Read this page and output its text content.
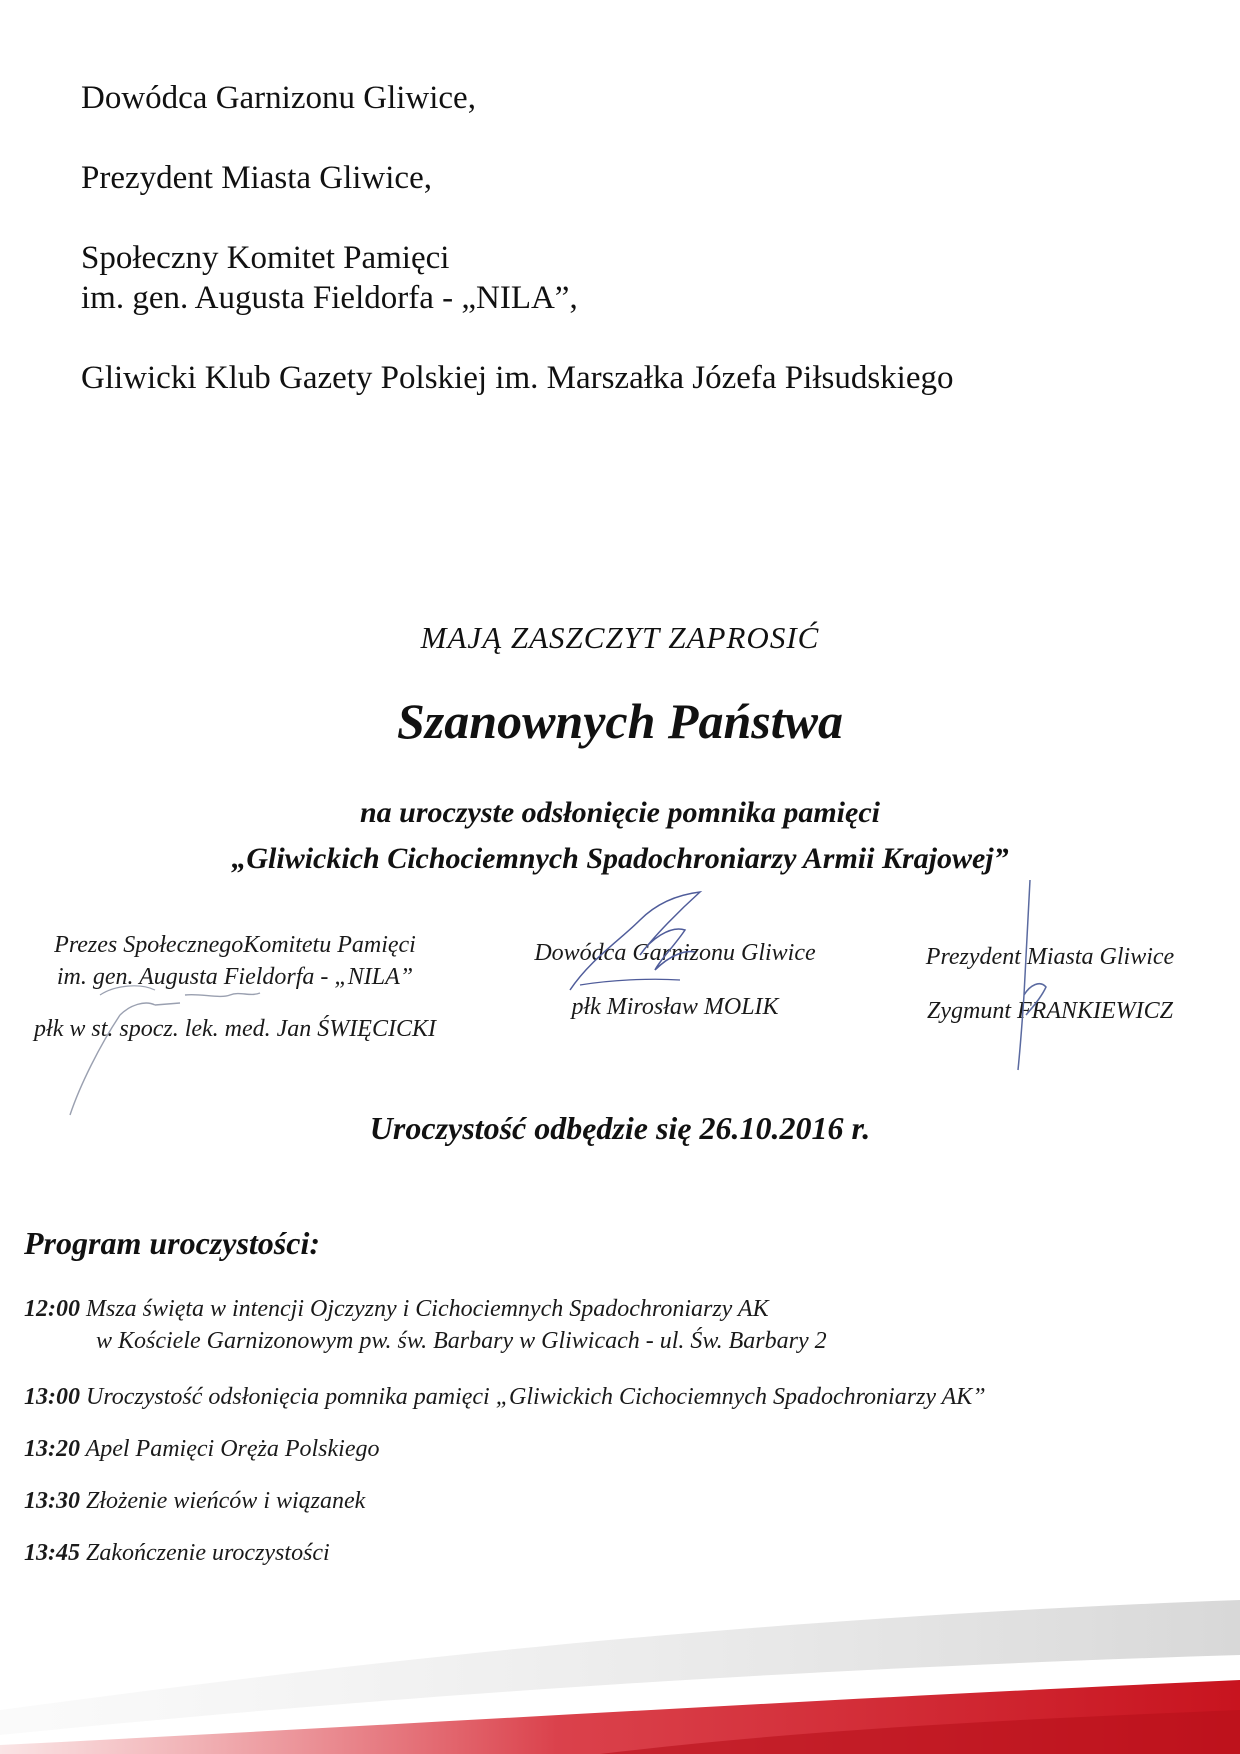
Dowódca Garnizonu Gliwice,
Prezydent Miasta Gliwice,
Społeczny Komitet Pamięci
im. gen. Augusta Fieldorfa - „NILA”,
Gliwicki Klub Gazety Polskiej im. Marszałka Józefa Piłsudskiego
MAJĄ ZASZCZYT ZAPROSIĆ
Szanownych Państwa
na uroczyste odsłonięcie pomnika pamięci
„Gliwickich Cichociemnych Spadochroniarzy Armii Krajowej”
Prezes SpołecznegoKomitetu Pamięci
im. gen. Augusta Fieldorfa - „NILA”
płk w st. spocz. lek. med. Jan ŚWIĘCICKI
Dowódca Garnizonu Gliwice
płk Mirosław MOLIK
Prezydent Miasta Gliwice
Zygmunt FRANKIEWICZ
Uroczystość odbędzie się 26.10.2016 r.
Program uroczystości:
12:00 Msza święta w intencji Ojczyzny i Cichociemnych Spadochroniarzy AK
w Kościele Garnizonowym pw. św. Barbary w Gliwicach - ul. Św. Barbary 2
13:00 Uroczystość odsłonięcia pomnika pamięci „Gliwickich Cichociemnych Spadochroniarzy AK”
13:20 Apel Pamięci Oręża Polskiego
13:30 Złożenie wieńców i wiązanek
13:45 Zakończenie uroczystości
